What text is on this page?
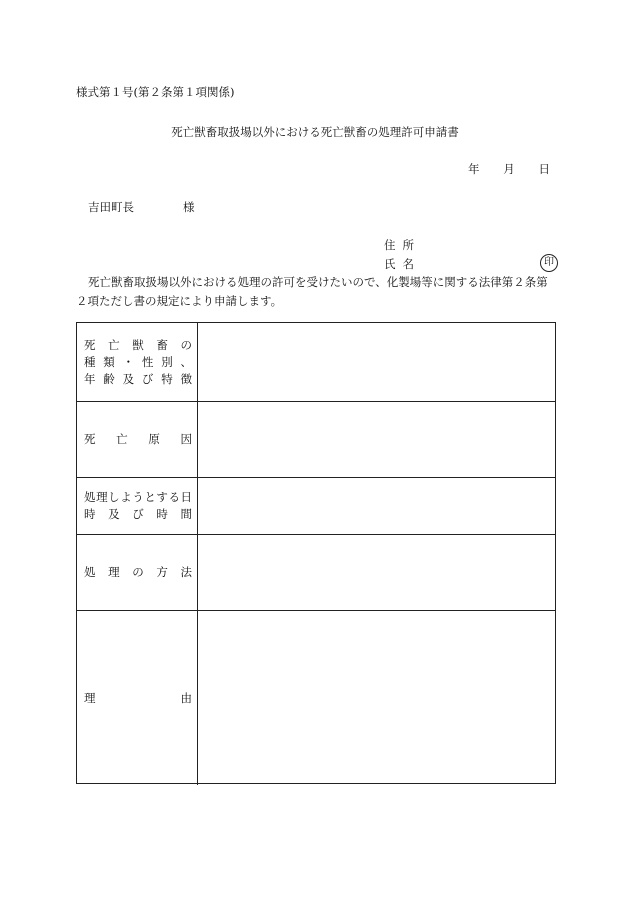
様式第１号(第２条第１項関係)
死亡獣畜取扱場以外における死亡獣畜の処理許可申請書
年 月 日
吉田町長	様
住所
氏名	印
死亡獣畜取扱場以外における処理の許可を受けたいので、化製場等に関する法律第２条第２項ただし書の規定により申請します。
死 亡 獣 畜 の
種 類 ・ 性 別 、
年 齢 及 び 特 徴
死 亡 原 因
処 理 し よ う と す る 日
時 及 び 時 間
処 理 の 方 法
理	由
